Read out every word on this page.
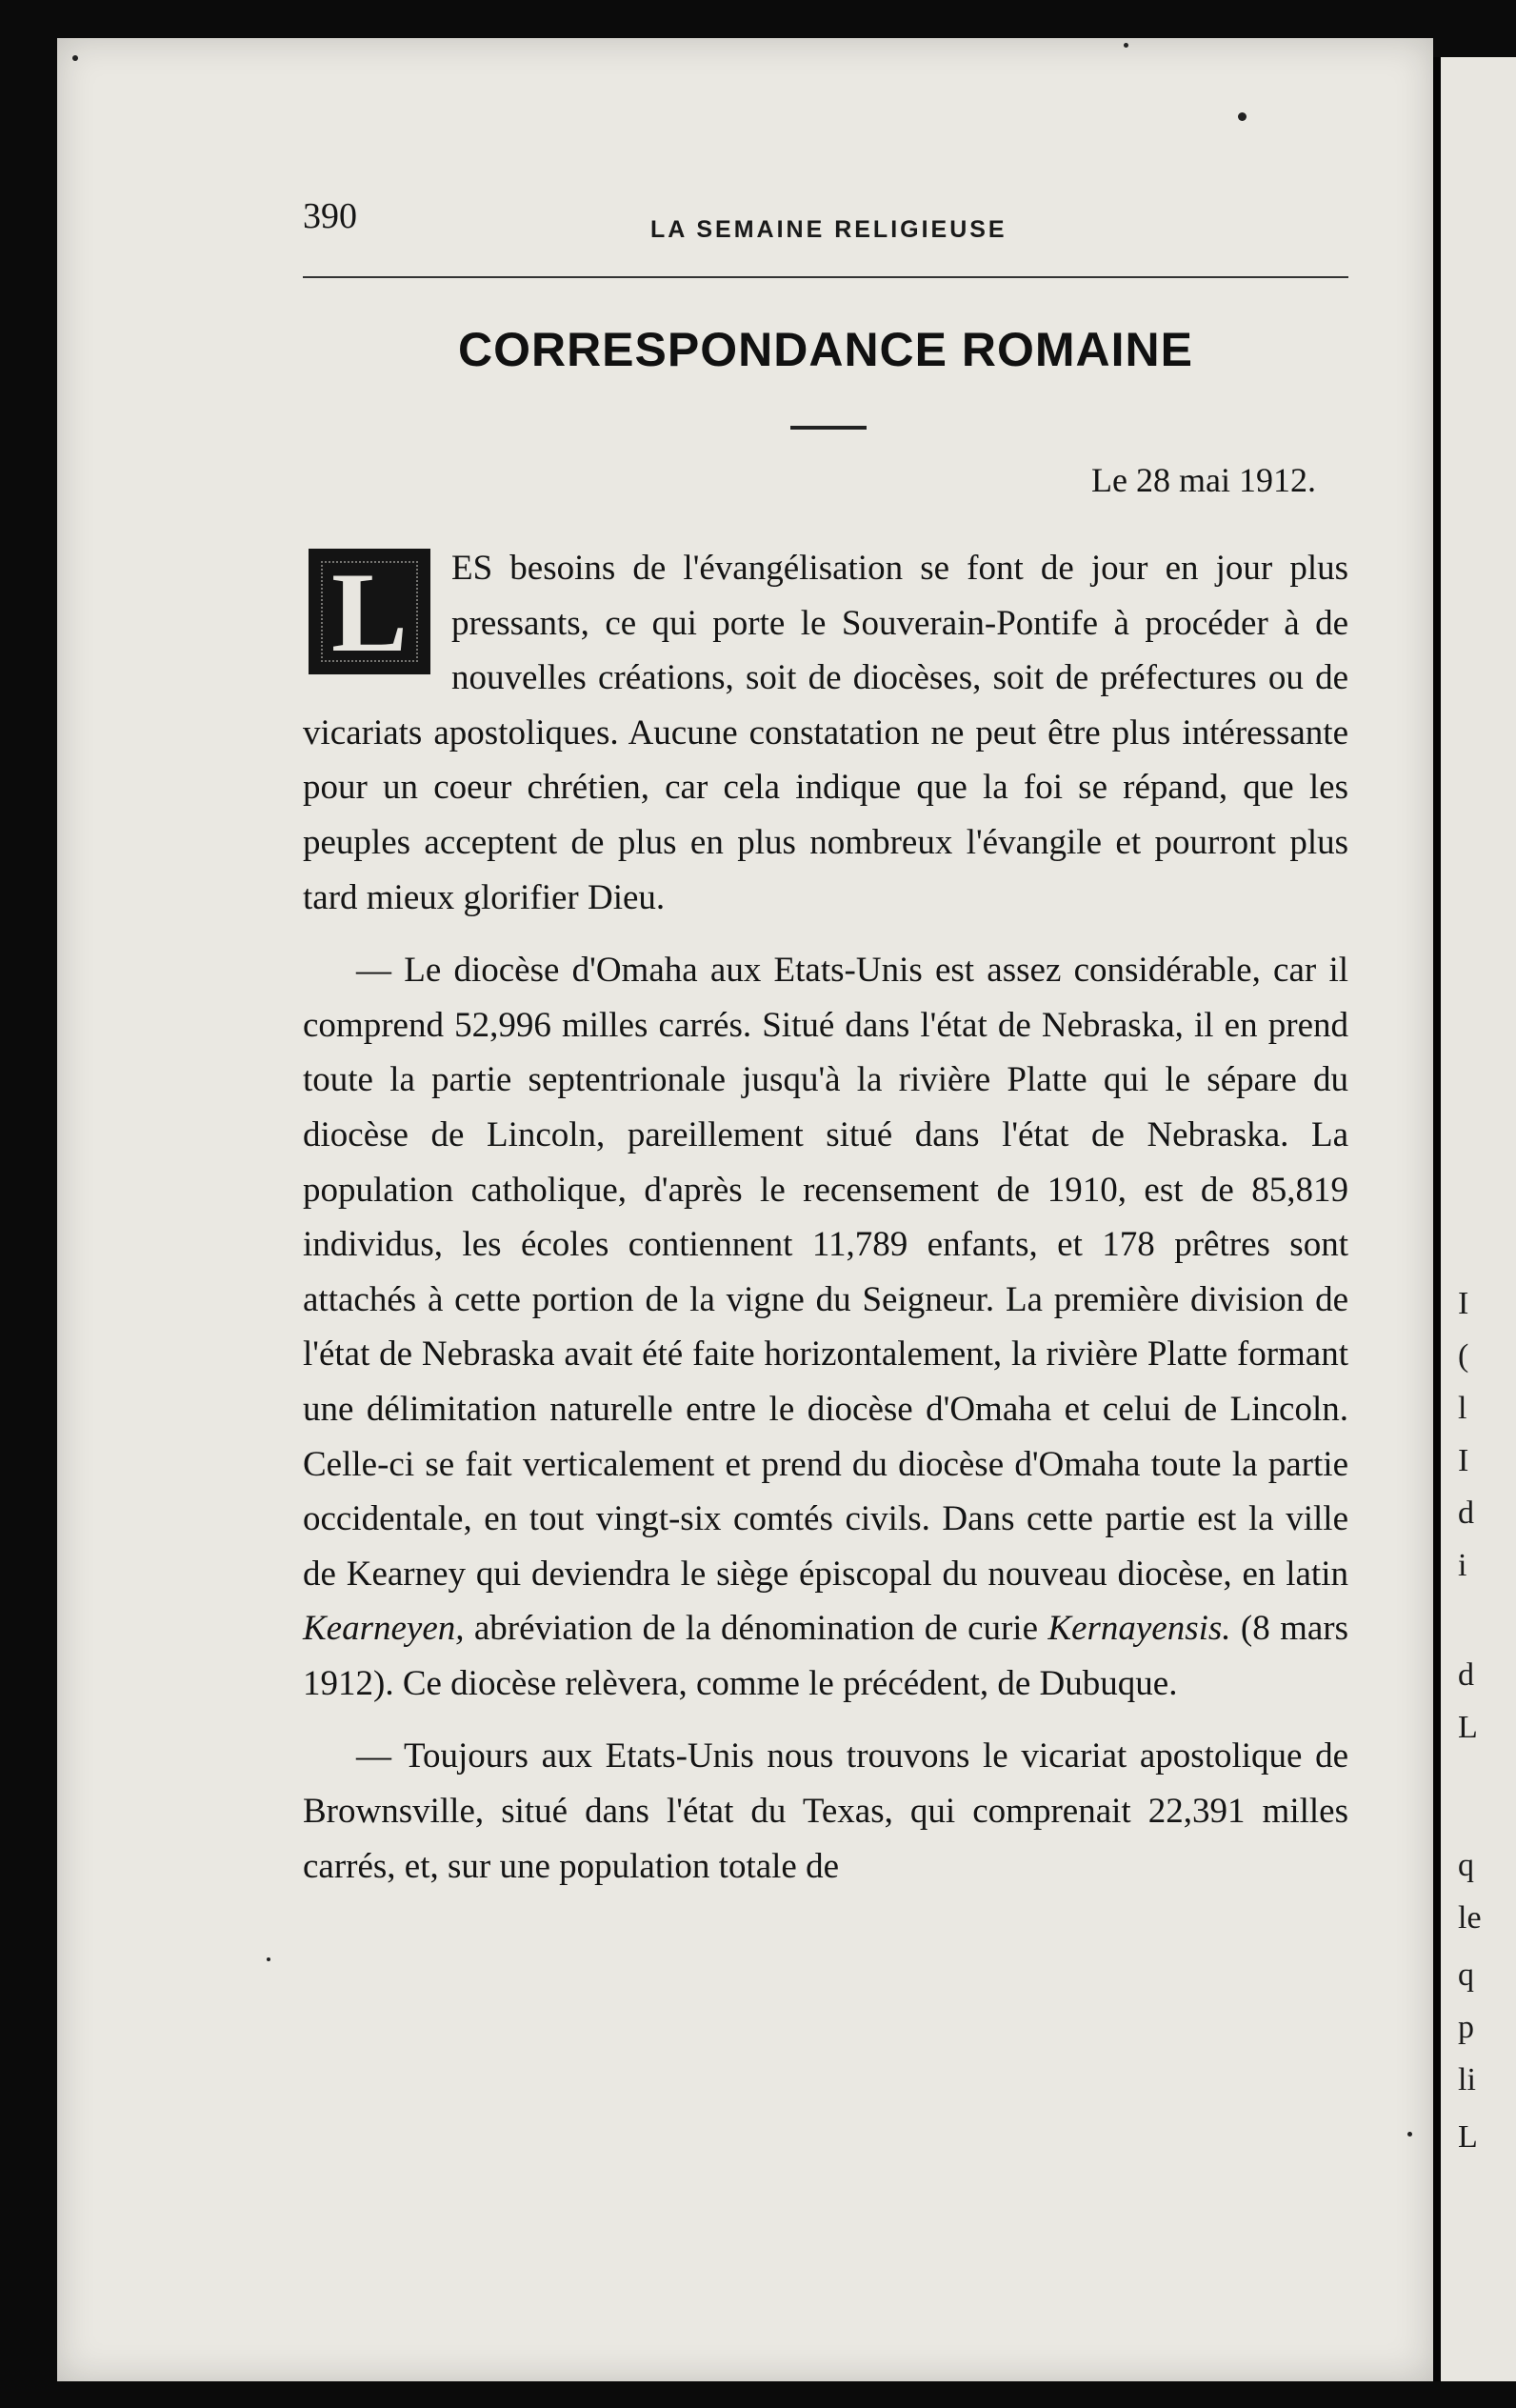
I
(
l
I
d
i
d
L
q
le
q
p
li
L
390	LA SEMAINE RELIGIEUSE
CORRESPONDANCE ROMAINE
Le 28 mai 1912.

L	ES besoins de l'évangélisation se font de jour en jour plus pressants, ce qui porte le Souverain-Pontife à procéder à de nouvelles créations, soit de diocèses, soit de préfectures ou de vicariats apostoliques. Aucune constatation ne peut être plus intéressante pour un coeur chrétien, car cela indique que la foi se répand, que les peuples acceptent de plus en plus nombreux l'évangile et pourront plus tard mieux glorifier Dieu.

— Le diocèse d'Omaha aux Etats-Unis est assez considérable, car il comprend 52,996 milles carrés. Situé dans l'état de Nebraska, il en prend toute la partie septentrionale jusqu'à la rivière Platte qui le sépare du diocèse de Lincoln, pareillement situé dans l'état de Nebraska. La population catholique, d'après le recensement de 1910, est de 85,819 individus, les écoles contiennent 11,789 enfants, et 178 prêtres sont attachés à cette portion de la vigne du Seigneur. La première division de l'état de Nebraska avait été faite horizontalement, la rivière Platte formant une délimitation naturelle entre le diocèse d'Omaha et celui de Lincoln. Celle-ci se fait verticalement et prend du diocèse d'Omaha toute la partie occidentale, en tout vingt-six comtés civils. Dans cette partie est la ville de Kearney qui deviendra le siège épiscopal du nouveau diocèse, en latin Kearneyen, abréviation de la dénomination de curie Kernayensis. (8 mars 1912). Ce diocèse relèvera, comme le précédent, de Dubuque.

— Toujours aux Etats-Unis nous trouvons le vicariat apostolique de Brownsville, situé dans l'état du Texas, qui comprenait 22,391 milles carrés, et, sur une population totale de
